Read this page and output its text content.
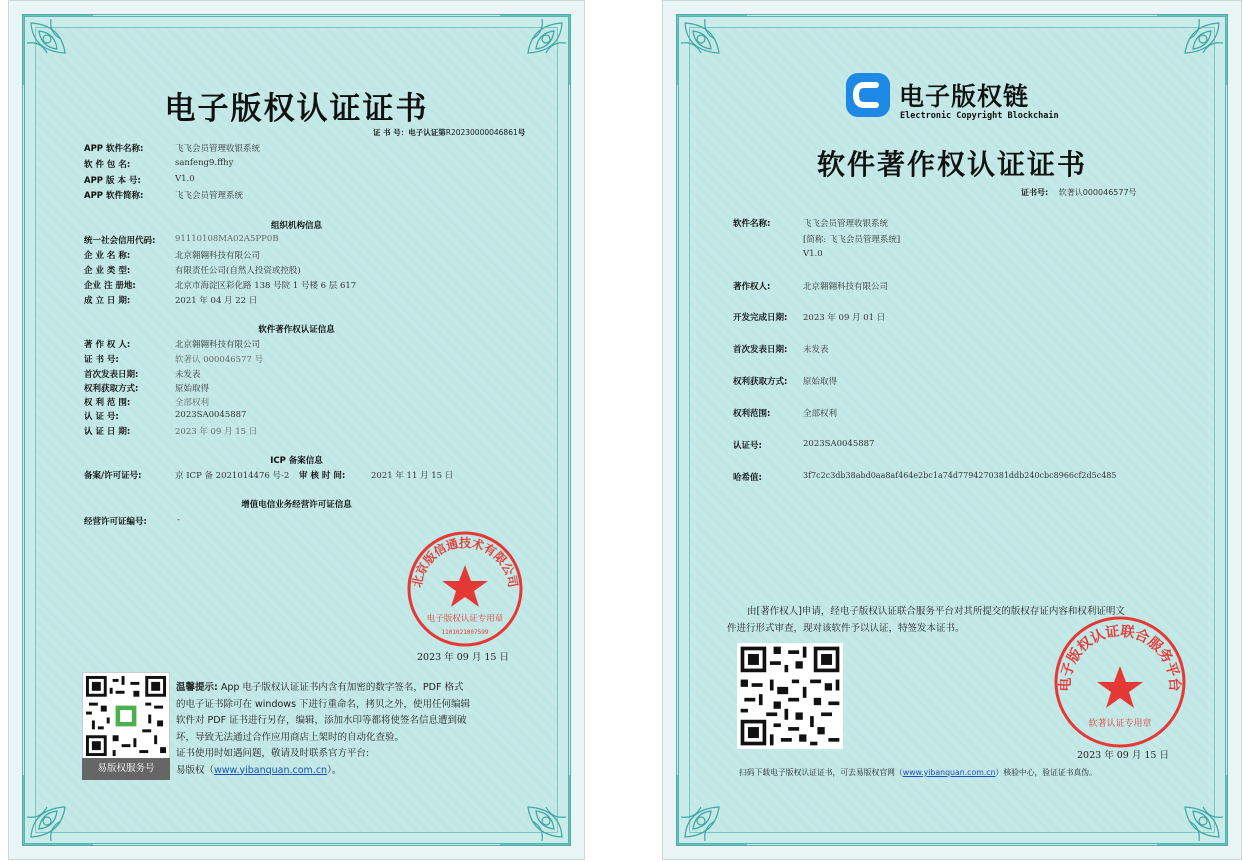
电子版权认证证书
证 书 号：电子认证第R20230000046861号
APP 软件名称:	飞飞会员管理收银系统
软 件 包 名:	sanfeng9.ffhy
APP 版 本 号:	V1.0
APP 软件简称:	飞飞会员管理系统
组织机构信息
统一社会信用代码: 91110108MA02A5PP0B
企 业 名 称:	北京翱翱科技有限公司
企 业 类 型:	有限责任公司(自然人投资或控股)
企业 注 册地:	北京市海淀区彩化路 138 号院 1 号楼 6 层 617
成 立 日 期:	2021 年 04 月 22 日
软件著作权认证信息
著 作 权 人:	北京翱翱科技有限公司
证 书 号:	软著认 000046577 号
首次发表日期:	未发表
权利获取方式:	原始取得
权 利 范 围:	全部权利
认 证 号:	2023SA0045887
认 证 日 期:	2023 年 09 月 15 日
ICP 备案信息
备案/许可证号:	京 ICP 备 2021014476 号-2 审 核 时 间:	2021 年 11 月 15 日
增值电信业务经营许可证信息
经营许可证编号:	-
北京版信通技术有限公司
电子版权认证专用章
1101021007599
2023 年 09 月 15 日
易版权服务号
温馨提示: App 电子版权认证证书内含有加密的数字签名，PDF 格式
的电子证书除可在 windows 下进行重命名，拷贝之外，使用任何编辑
软件对 PDF 证书进行另存，编辑，添加水印等都将使签名信息遭到破
坏，导致无法通过合作应用商店上架时的自动化查验。
证书使用时如遇问题，敬请及时联系官方平台:
易版权（www.yibanquan.com.cn）。
电子版权链
Electronic Copyright Blockchain
软件著作权认证证书
证书号: 软著认000046577号
软件名称:	飞飞会员管理收银系统
[简称: 飞飞会员管理系统]
V1.0
著作权人:	北京翱翱科技有限公司
开发完成日期: 2023 年 09 月 01 日
首次发表日期: 未发表
权利获取方式: 原始取得
权利范围:	全部权利
认证号:	2023SA0045887
哈希值:	3f7c2c3db38abd0aa8af464e2bc1a74d7794270381ddb240cbc8966cf2d5c485
由[著作权人]申请，经电子版权认证联合服务平台对其所提交的版权存证内容和权利证明文
件进行形式审查，现对该软件予以认证，特签发本证书。
电子版权认证联合服务平台
软著认证专用章
2023 年 09 月 15 日
扫码下载电子版权认证证书，可去易版权官网（www.yibanquan.com.cn）核验中心，验证证书真伪。
